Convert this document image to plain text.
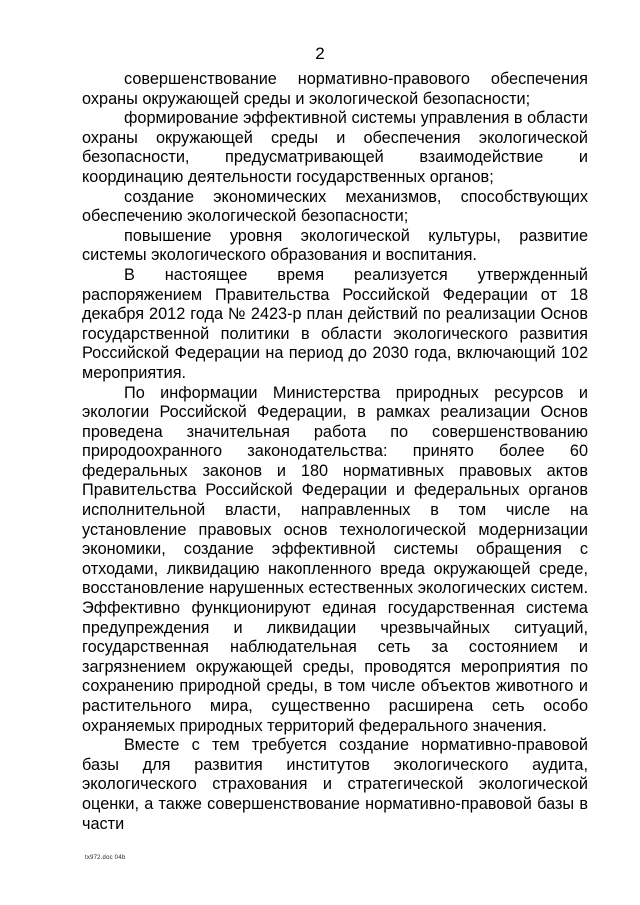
2

совершенствование нормативно-правового обеспечения охраны окружающей среды и экологической безопасности;

формирование эффективной системы управления в области охраны окружающей среды и обеспечения экологической безопасности, предусматривающей взаимодействие и координацию деятельности государственных органов;

создание экономических механизмов, способствующих обеспечению экологической безопасности;

повышение уровня экологической культуры, развитие системы экологического образования и воспитания.

В настоящее время реализуется утвержденный распоряжением Правительства Российской Федерации от 18 декабря 2012 года № 2423-р план действий по реализации Основ государственной политики в области экологического развития Российской Федерации на период до 2030 года, включающий 102 мероприятия.

По информации Министерства природных ресурсов и экологии Российской Федерации, в рамках реализации Основ проведена значительная работа по совершенствованию природоохранного законодательства: принято более 60 федеральных законов и 180 нормативных правовых актов Правительства Российской Федерации и федеральных органов исполнительной власти, направленных в том числе на установление правовых основ технологической модернизации экономики, создание эффективной системы обращения с отходами, ликвидацию накопленного вреда окружающей среде, восстановление нарушенных естественных экологических систем. Эффективно функционируют единая государственная система предупреждения и ликвидации чрезвычайных ситуаций, государственная наблюдательная сеть за состоянием и загрязнением окружающей среды, проводятся мероприятия по сохранению природной среды, в том числе объектов животного и растительного мира, существенно расширена сеть особо охраняемых природных территорий федерального значения.

Вместе с тем требуется создание нормативно-правовой базы для развития институтов экологического аудита, экологического страхования и стратегической экологической оценки, а также совершенствование нормативно-правовой базы в части

tx972.doc 04b
